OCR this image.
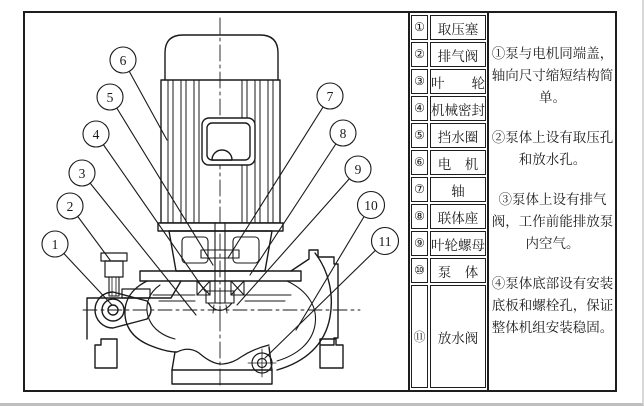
1
2
3
4
5
6
7
8
9
10
11
① 取压塞
② 排气阀
③ 叶　　轮
④ 机械密封
⑤ 挡水圈
⑥ 电　机
⑦	轴
⑧ 联体座
⑨ 叶轮螺母
⑩ 泵　体
⑪ 放水阀

①泵与电机同端盖，轴向尺寸缩短结构简单。

②泵体上设有取压孔和放水孔。

③泵体上设有排气阀，工作前能排放泵内空气。

④泵体底部设有安装底板和螺栓孔，保证整体机组安装稳固。
